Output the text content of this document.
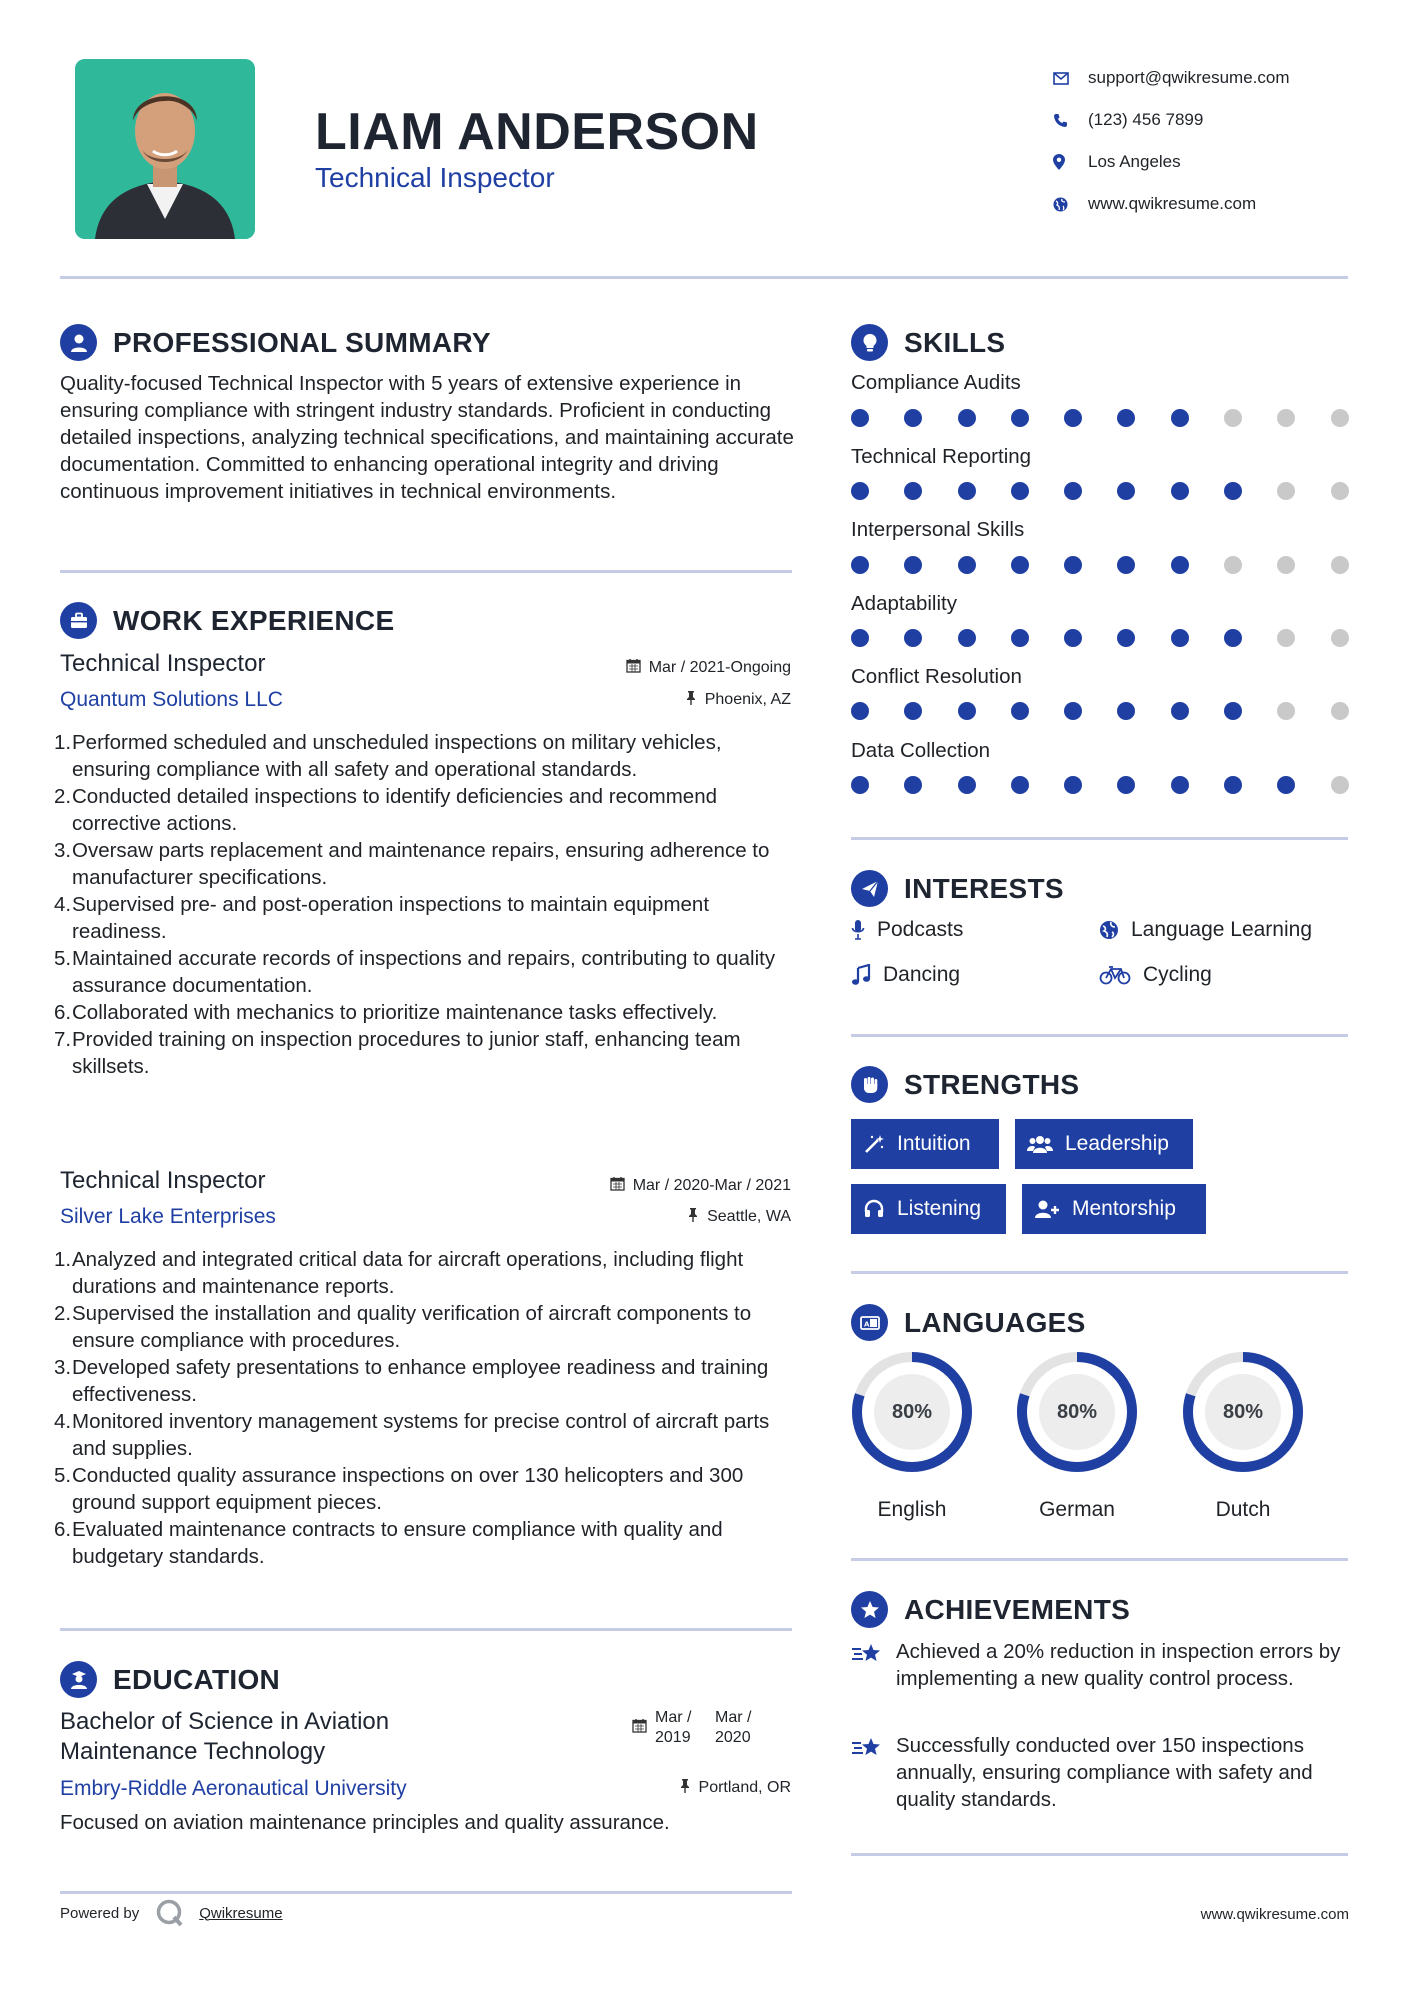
LIAM ANDERSON
Technical Inspector
support@qwikresume.com
(123) 456 7899
Los Angeles
www.qwikresume.com
PROFESSIONAL SUMMARY
Quality-focused Technical Inspector with 5 years of extensive experience in ensuring compliance with stringent industry standards. Proficient in conducting detailed inspections, analyzing technical specifications, and maintaining accurate documentation. Committed to enhancing operational integrity and driving continuous improvement initiatives in technical environments.
WORK EXPERIENCE
Technical Inspector
Quantum Solutions LLC
Mar / 2021-Ongoing
Phoenix, AZ
1. Performed scheduled and unscheduled inspections on military vehicles, ensuring compliance with all safety and operational standards.
2. Conducted detailed inspections to identify deficiencies and recommend corrective actions.
3. Oversaw parts replacement and maintenance repairs, ensuring adherence to manufacturer specifications.
4. Supervised pre- and post-operation inspections to maintain equipment readiness.
5. Maintained accurate records of inspections and repairs, contributing to quality assurance documentation.
6. Collaborated with mechanics to prioritize maintenance tasks effectively.
7. Provided training on inspection procedures to junior staff, enhancing team skillsets.
Technical Inspector
Silver Lake Enterprises
Mar / 2020-Mar / 2021
Seattle, WA
1. Analyzed and integrated critical data for aircraft operations, including flight durations and maintenance reports.
2. Supervised the installation and quality verification of aircraft components to ensure compliance with procedures.
3. Developed safety presentations to enhance employee readiness and training effectiveness.
4. Monitored inventory management systems for precise control of aircraft parts and supplies.
5. Conducted quality assurance inspections on over 130 helicopters and 300 ground support equipment pieces.
6. Evaluated maintenance contracts to ensure compliance with quality and budgetary standards.
EDUCATION
Bachelor of Science in Aviation
Maintenance Technology
Embry-Riddle Aeronautical University
Mar /
2019
Mar /
2020
Portland, OR
Focused on aviation maintenance principles and quality assurance.
SKILLS
Compliance Audits
Technical Reporting
Interpersonal Skills
Adaptability
Conflict Resolution
Data Collection
INTERESTS
Podcasts	Language Learning
Dancing	Cycling
STRENGTHS
Intuition	Leadership
Listening	Mentorship
A LANGUAGES
80%
English
80%
German
80%
Dutch
ACHIEVEMENTS
Achieved a 20% reduction in inspection errors by implementing a new quality control process.
Successfully conducted over 150 inspections annually, ensuring compliance with safety and quality standards.
Powered by	Qwikresume	www.qwikresume.com
